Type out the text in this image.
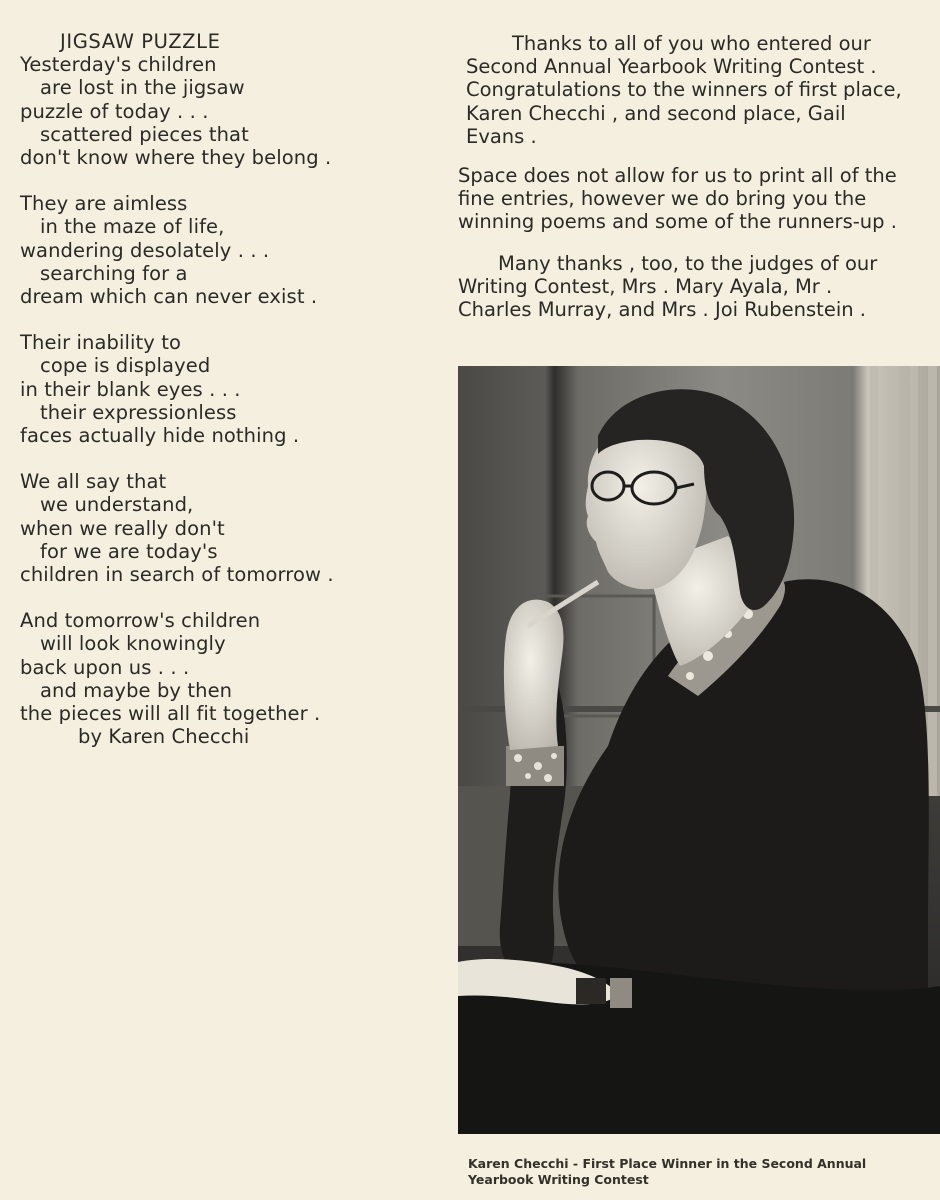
JIGSAW PUZZLE
Yesterday's children
are lost in the jigsaw
puzzle of today . . .
scattered pieces that
don't know where they belong .
They are aimless
in the maze of life,
wandering desolately . . .
searching for a
dream which can never exist .
Their inability to
cope is displayed
in their blank eyes . . .
their expressionless
faces actually hide nothing .
We all say that
we understand,
when we really don't
for we are today's
children in search of tomorrow .
And tomorrow's children
will look knowingly
back upon us . . .
and maybe by then
the pieces will all fit together .
by Karen Checchi
Thanks to all of you who entered our
Second Annual Yearbook Writing Contest .
Congratulations to the winners of first place,
Karen Checchi , and second place, Gail
Evans .
Space does not allow for us to print all of the
fine entries, however we do bring you the
winning poems and some of the runners-up .
Many thanks , too, to the judges of our
Writing Contest, Mrs . Mary Ayala, Mr .
Charles Murray, and Mrs . Joi Rubenstein .
Karen Checchi - First Place Winner in the Second Annual
Yearbook Writing Contest
